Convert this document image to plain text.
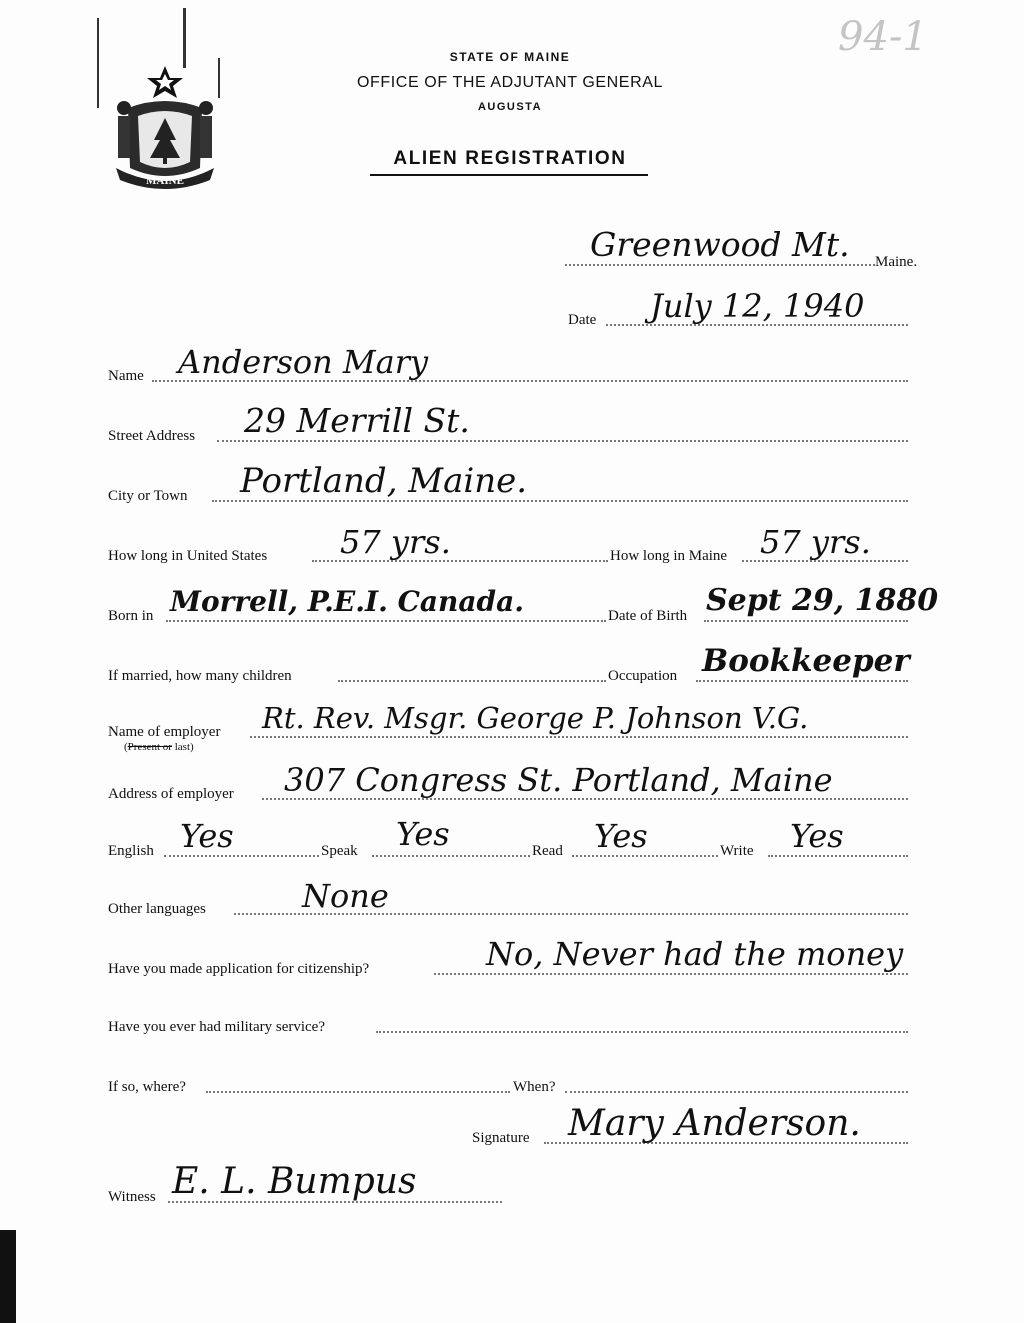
94-1
MAINE
STATE OF MAINE
OFFICE OF THE ADJUTANT GENERAL
AUGUSTA
ALIEN REGISTRATION
Greenwood Mt. Maine.
Date July 12, 1940
Name Anderson Mary
Street Address 29 Merrill St.
City or Town Portland, Maine.
How long in United States 57 yrs.	How long in Maine 57 yrs.
Born in Morrell, P.E.I. Canada.	Date of Birth Sept 29, 1880
If married, how many children	Occupation Bookkeeper
Name of employer
(Present or last)
Rt. Rev. Msgr. George P. Johnson V.G.
Address of employer 307 Congress St. Portland, Maine
English Yes	Speak Yes	Read Yes	Write Yes
Other languages	None
Have you made application for citizenship?	No, Never had the money
Have you ever had military service?
If so, where?	When?
Signature Mary Anderson.
Witness E. L. Bumpus
